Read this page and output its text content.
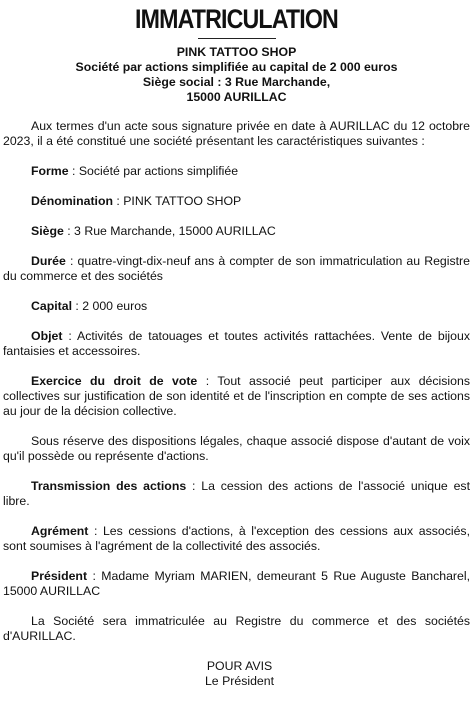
IMMATRICULATION
PINK TATTOO SHOP
Société par actions simplifiée au capital de 2 000 euros
Siège social : 3 Rue Marchande,
15000 AURILLAC

Aux termes d'un acte sous signature privée en date à AURILLAC du 12 octobre 2023, il a été constitué une société présentant les caractéristiques suivantes :

Forme : Société par actions simplifiée

Dénomination : PINK TATTOO SHOP

Siège : 3 Rue Marchande, 15000 AURILLAC

Durée : quatre-vingt-dix-neuf ans à compter de son immatriculation au Registre du commerce et des sociétés

Capital : 2 000 euros

Objet : Activités de tatouages et toutes activités rattachées. Vente de bijoux fantaisies et accessoires.

Exercice du droit de vote : Tout associé peut participer aux décisions collectives sur justification de son identité et de l'inscription en compte de ses actions au jour de la décision collective.

Sous réserve des dispositions légales, chaque associé dispose d'autant de voix qu'il possède ou représente d'actions.

Transmission des actions : La cession des actions de l'associé unique est libre.

Agrément : Les cessions d'actions, à l'exception des cessions aux associés, sont soumises à l'agrément de la collectivité des associés.

Président : Madame Myriam MARIEN, demeurant 5 Rue Auguste Bancharel, 15000 AURILLAC

La Société sera immatriculée au Registre du commerce et des sociétés d'AURILLAC.

POUR AVIS
Le Président
